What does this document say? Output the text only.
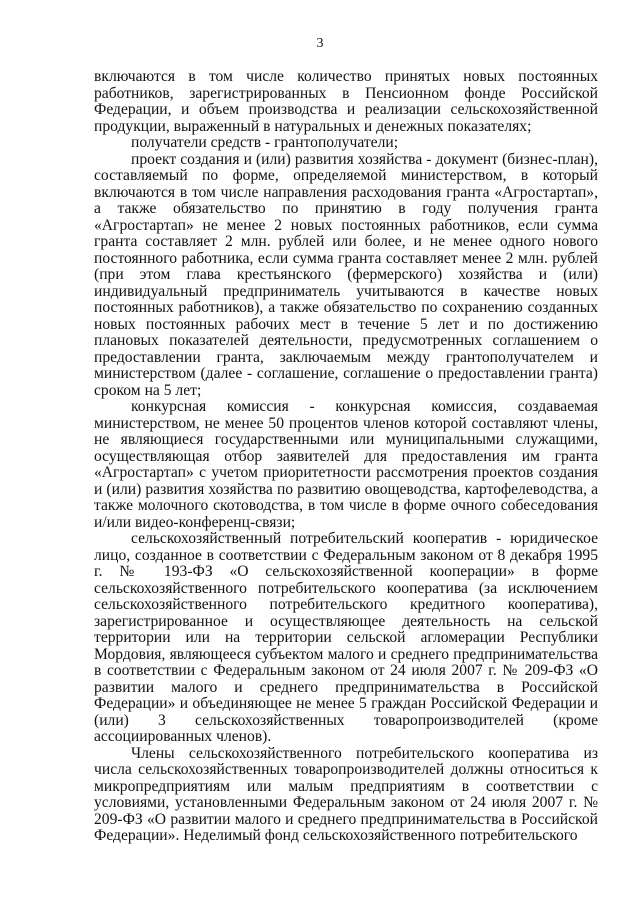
3

включаются в том числе количество принятых новых постоянных работников, зарегистрированных в Пенсионном фонде Российской Федерации, и объем производства и реализации сельскохозяйственной продукции, выраженный в натуральных и денежных показателях;

получатели средств - грантополучатели;

проект создания и (или) развития хозяйства - документ (бизнес-план), составляемый по форме, определяемой министерством, в который включаются в том числе направления расходования гранта «Агростартап», а также обязательство по принятию в году получения гранта «Агростартап» не менее 2 новых постоянных работников, если сумма гранта составляет 2 млн. рублей или более, и не менее одного нового постоянного работника, если сумма гранта составляет менее 2 млн. рублей (при этом глава крестьянского (фермерского) хозяйства и (или) индивидуальный предприниматель учитываются в качестве новых постоянных работников), а также обязательство по сохранению созданных новых постоянных рабочих мест в течение 5 лет и по достижению плановых показателей деятельности, предусмотренных соглашением о предоставлении гранта, заключаемым между грантополучателем и министерством (далее - соглашение, соглашение о предоставлении гранта) сроком на 5 лет;

конкурсная комиссия - конкурсная комиссия, создаваемая министерством, не менее 50 процентов членов которой составляют члены, не являющиеся государственными или муниципальными служащими, осуществляющая отбор заявителей для предоставления им гранта «Агростартап» с учетом приоритетности рассмотрения проектов создания и (или) развития хозяйства по развитию овощеводства, картофелеводства, а также молочного скотоводства, в том числе в форме очного собеседования и/или видео-конференц-связи;

сельскохозяйственный потребительский кооператив - юридическое лицо, созданное в соответствии с Федеральным законом от 8 декабря 1995 г. № 193-ФЗ «О сельскохозяйственной кооперации» в форме сельскохозяйственного потребительского кооператива (за исключением сельскохозяйственного потребительского кредитного кооператива), зарегистрированное и осуществляющее деятельность на сельской территории или на территории сельской агломерации Республики Мордовия, являющееся субъектом малого и среднего предпринимательства в соответствии с Федеральным законом от 24 июля 2007 г. № 209-ФЗ «О развитии малого и среднего предпринимательства в Российской Федерации» и объединяющее не менее 5 граждан Российской Федерации и (или) 3 сельскохозяйственных товаропроизводителей (кроме ассоциированных членов).

Члены сельскохозяйственного потребительского кооператива из числа сельскохозяйственных товаропроизводителей должны относиться к микропредприятиям или малым предприятиям в соответствии с условиями, установленными Федеральным законом от 24 июля 2007 г. № 209-ФЗ «О развитии малого и среднего предпринимательства в Российской Федерации». Неделимый фонд сельскохозяйственного потребительского
